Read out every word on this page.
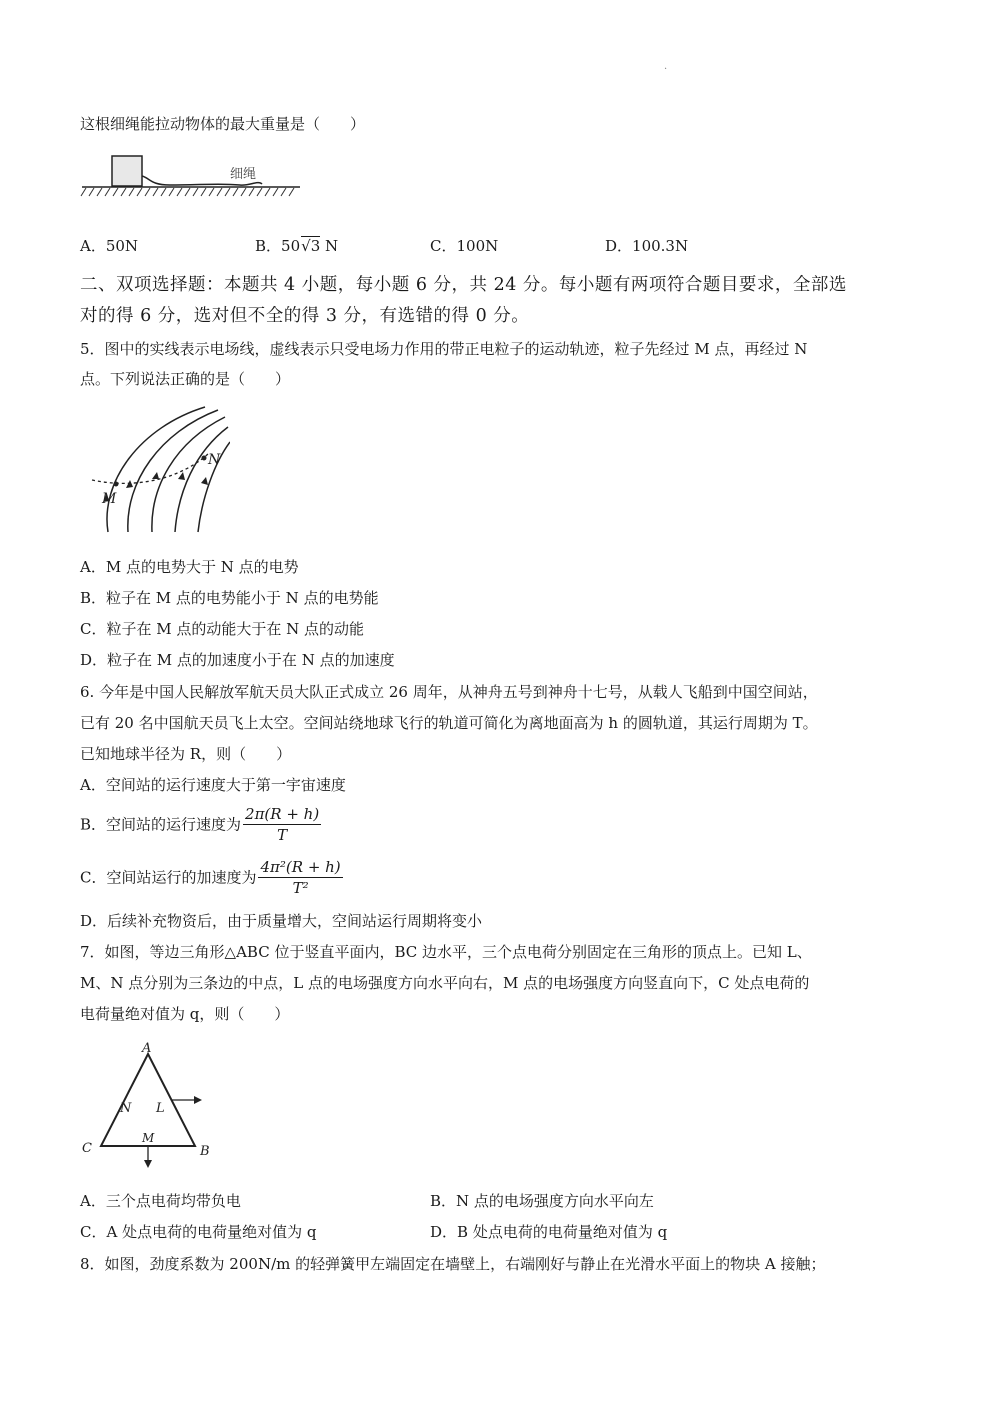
·
这根细绳能拉动物体的最大重量是（　　）
细绳
A．50N	B．50√3 N	C．100N	D．100.3N
二、双项选择题：本题共 4 小题，每小题 6 分，共 24 分。每小题有两项符合题目要求，全部选
对的得 6 分，选对但不全的得 3 分，有选错的得 0 分。
5．图中的实线表示电场线，虚线表示只受电场力作用的带正电粒子的运动轨迹，粒子先经过 M 点，再经过 N
点。下列说法正确的是（　　）
M
N
A．M 点的电势大于 N 点的电势
B．粒子在 M 点的电势能小于 N 点的电势能
C．粒子在 M 点的动能大于在 N 点的动能
D．粒子在 M 点的加速度小于在 N 点的加速度
6. 今年是中国人民解放军航天员大队正式成立 26 周年，从神舟五号到神舟十七号，从载人飞船到中国空间站，
已有 20 名中国航天员飞上太空。空间站绕地球飞行的轨道可简化为离地面高为 h 的圆轨道，其运行周期为 T。
已知地球半径为 R，则（　　）
A．空间站的运行速度大于第一宇宙速度
B．空间站的运行速度为 $\frac{2\pi(R + h)}{T}$
C．空间站运行的加速度为 $\frac{\text{4π²(R + h)}}{\text{T²}}$
D．后续补充物资后，由于质量增大，空间站运行周期将变小
7．如图，等边三角形△ABC 位于竖直平面内，BC 边水平，三个点电荷分别固定在三角形的顶点上。已知 L、
M、N 点分别为三条边的中点，L 点的电场强度方向水平向右，M 点的电场强度方向竖直向下，C 处点电荷的
电荷量绝对值为 q，则（　　）
A
B
C
L
M
N
A．三个点电荷均带负电	B．N 点的电场强度方向水平向左
C．A 处点电荷的电荷量绝对值为 q	D．B 处点电荷的电荷量绝对值为 q
8．如图，劲度系数为 200N/m 的轻弹簧甲左端固定在墙壁上，右端刚好与静止在光滑水平面上的物块 A 接触；
